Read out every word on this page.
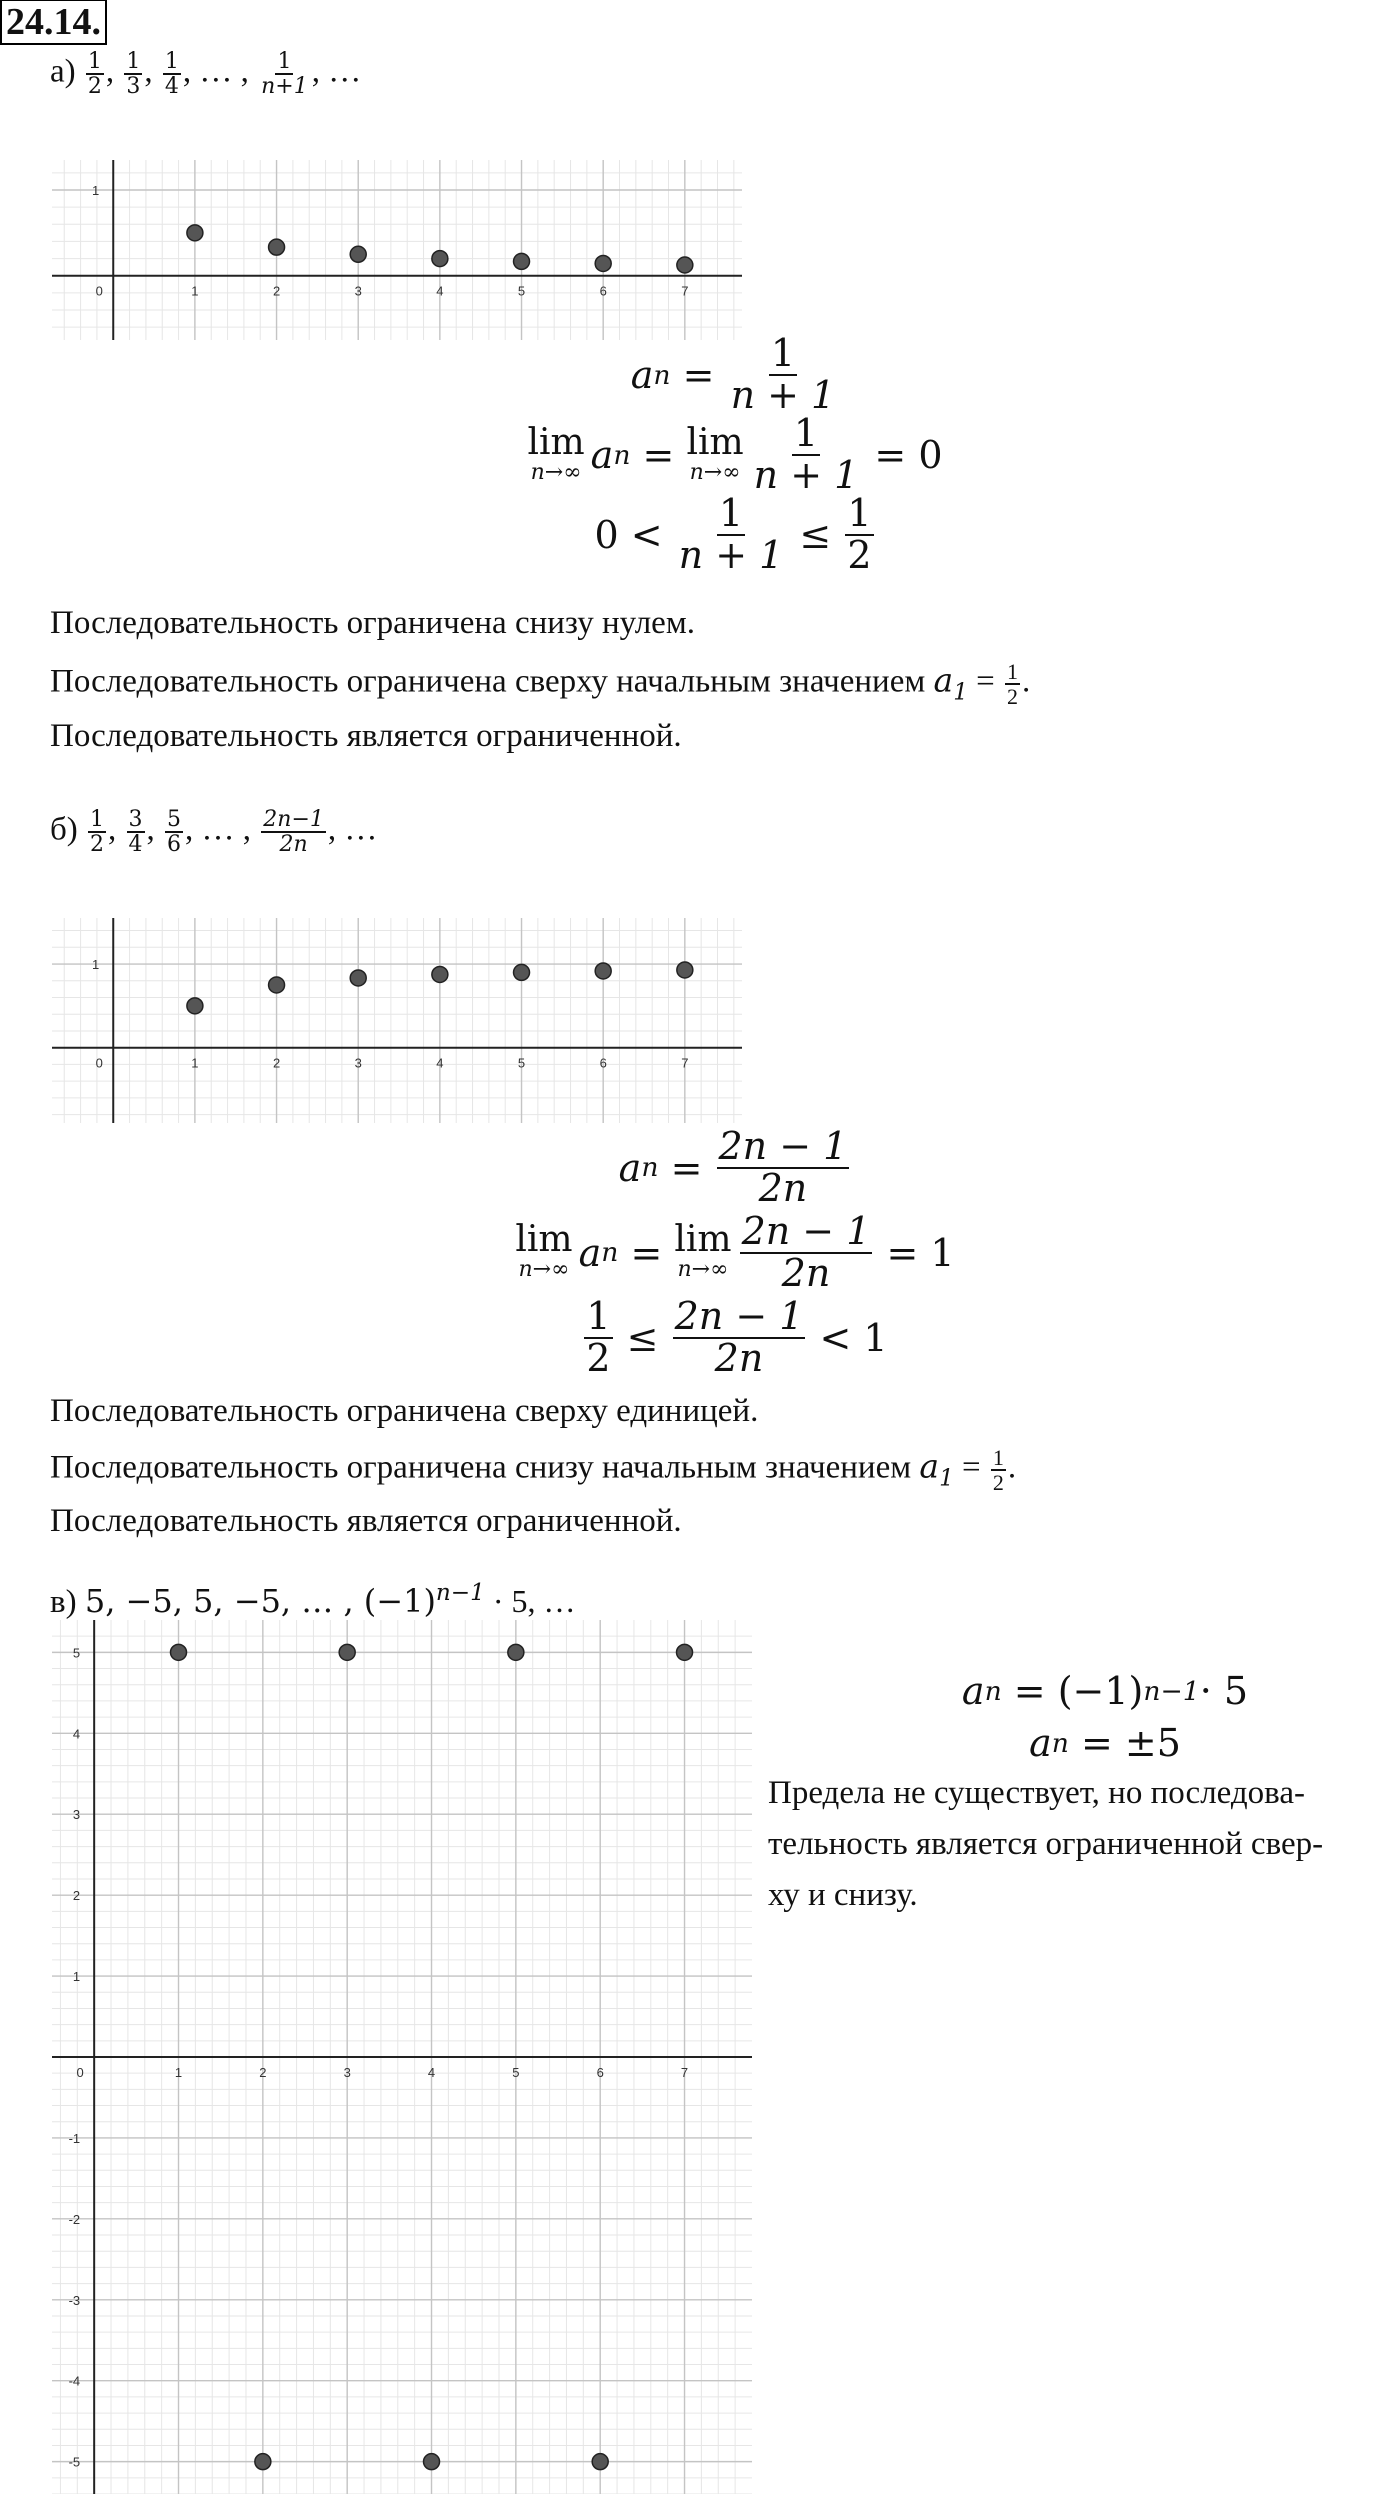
24.14.
$а) \frac{1}{2}$ , $\frac{1}{3}$ , $\frac{1}{4}$ , … , $\frac{1}{n+1}$ , …
0	1	2	3	4	5	6	7
1
a n
=
$\frac{1}{n + 1}$
lim
n→∞ a n
=
lim
$n\to\infty \frac{1}{n + 1}$
= 0
0 <
$\frac{1}{n + 1}$
≤
$\frac{1}{2}$
Последовательность ограничена снизу нулем.
Последовательность ограничена сверху начальным значением $a_1 = \frac{1}{2}$ .
Последовательность является ограниченной.
$б) \frac{1}{2}$ , $\frac{3}{4}$ , $\frac{5}{6}$ , … , $\frac{2n-1}{2n}$ , …
0	1	2	3	4	5	6	7
1
a n
=
$\frac{2n - 1}{2n}$
lim
n→∞ a n
=
lim
$n\to\infty \frac{2n - 1}{2n}$
= 1
$\frac{1}{2}$
≤
$\frac{2n - 1}{2n}$
< 1
Последовательность ограничена сверху единицей.
Последовательность ограничена снизу начальным значением $a_1 = \frac{1}{2}$ .
Последовательность является ограниченной.
в) 5, −5, 5, −5, … , $(-1)^{n-1} \cdot 5$, …
0	1	2	3	4	5	6	7
5
4
3
2
1
-1
-2
-3
-4
-5
a n
= (−1) n−1 · 5
a n
= ±5
Предела не существует, но последова-
тельность является ограниченной свер-
ху и снизу.
